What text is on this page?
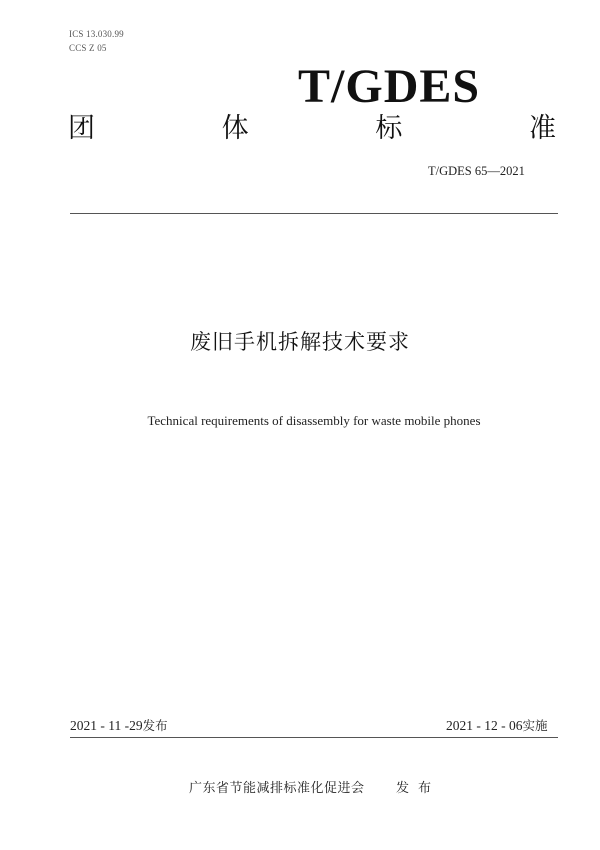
ICS 13.030.99
CCS Z 05
T/GDES
团	体	标	准
T/GDES 65—2021
废旧手机拆解技术要求
Technical requirements of disassembly for waste mobile phones
2021 - 11 -29发布	2021 - 12 - 06实施
广东省节能减排标准化促进会 发布
